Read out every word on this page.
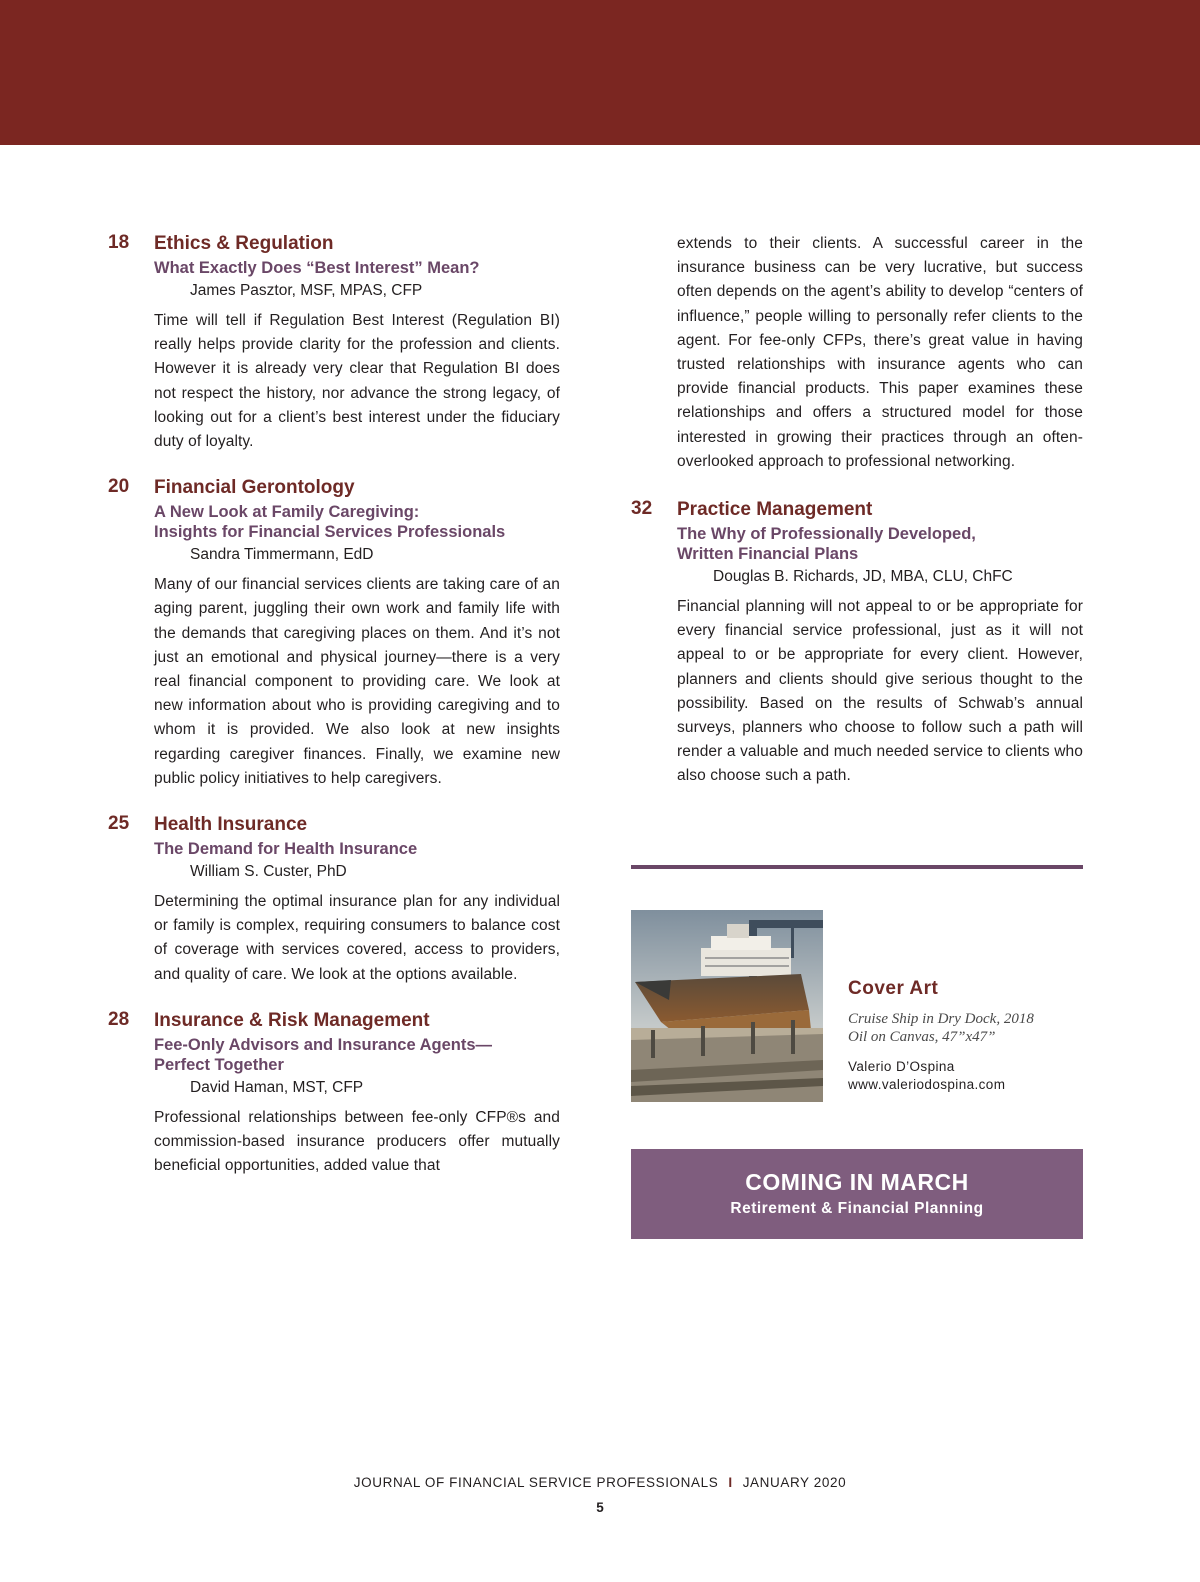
18 Ethics & Regulation
What Exactly Does “Best Interest” Mean?
James Pasztor, MSF, MPAS, CFP

Time will tell if Regulation Best Interest (Regulation BI) really helps provide clarity for the profession and clients. However it is already very clear that Regulation BI does not respect the history, nor advance the strong legacy, of looking out for a client’s best interest under the fiduciary duty of loyalty.

20 Financial Gerontology
A New Look at Family Caregiving:
Insights for Financial Services Professionals
Sandra Timmermann, EdD

Many of our financial services clients are taking care of an aging parent, juggling their own work and family life with the demands that caregiving places on them. And it’s not just an emotional and physical journey—there is a very real financial component to providing care. We look at new information about who is providing caregiving and to whom it is provided. We also look at new insights regarding caregiver finances. Finally, we examine new public policy initiatives to help caregivers.

25 Health Insurance
The Demand for Health Insurance
William S. Custer, PhD

Determining the optimal insurance plan for any individual or family is complex, requiring consumers to balance cost of coverage with services covered, access to providers, and quality of care. We look at the options available.

28 Insurance & Risk Management
Fee-Only Advisors and Insurance Agents—
Perfect Together
David Haman, MST, CFP

Professional relationships between fee-only CFP®s and commission-based insurance producers offer mutually beneficial opportunities, added value that

extends to their clients. A successful career in the insurance business can be very lucrative, but success often depends on the agent’s ability to develop “centers of influence,” people willing to personally refer clients to the agent. For fee-only CFPs, there’s great value in having trusted relationships with insurance agents who can provide financial products. This paper examines these relationships and offers a structured model for those interested in growing their practices through an often-overlooked approach to professional networking.

32 Practice Management
The Why of Professionally Developed,
Written Financial Plans
Douglas B. Richards, JD, MBA, CLU, ChFC

Financial planning will not appeal to or be appropriate for every financial service professional, just as it will not appeal to or be appropriate for every client. However, planners and clients should give serious thought to the possibility. Based on the results of Schwab’s annual surveys, planners who choose to follow such a path will render a valuable and much needed service to clients who also choose such a path.

Cover Art
Cruise Ship in Dry Dock, 2018
Oil on Canvas, 47”x47”
Valerio D’Ospina
www.valeriodospina.com
COMING IN MARCH
Retirement & Financial Planning
JOURNAL OF FINANCIAL SERVICE PROFESSIONALS I JANUARY 2020
5
